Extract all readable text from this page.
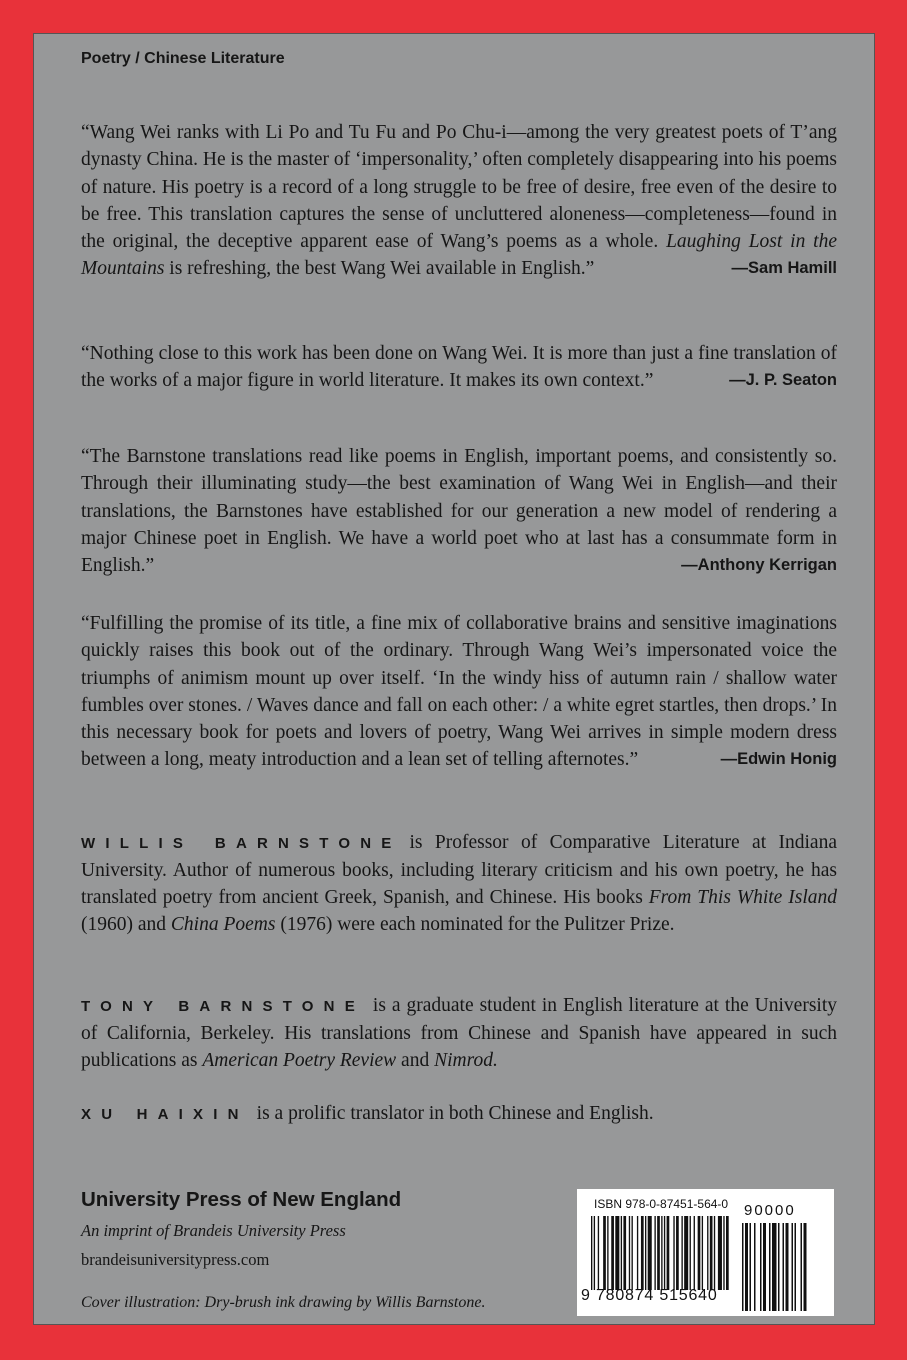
Poetry / Chinese Literature

“Wang Wei ranks with Li Po and Tu Fu and Po Chu-i—among the very greatest poets of T’ang dynasty China. He is the master of ‘impersonality,’ often completely disappearing into his poems of nature. His poetry is a record of a long struggle to be free of desire, free even of the desire to be free. This translation captures the sense of uncluttered aloneness—completeness—found in the original, the deceptive apparent ease of Wang’s poems as a whole. Laughing Lost in the Mountains is refreshing, the best Wang Wei available in English.”	—Sam Hamill

“Nothing close to this work has been done on Wang Wei. It is more than just a fine translation of the works of a major figure in world literature. It makes its own context.”	—J. P. Seaton

“The Barnstone translations read like poems in English, important poems, and consistently so. Through their illuminating study—the best examination of Wang Wei in English—and their translations, the Barnstones have established for our generation a new model of rendering a major Chinese poet in English. We have a world poet who at last has a consummate form in English.”	—Anthony Kerrigan

“Fulfilling the promise of its title, a fine mix of collaborative brains and sensitive imaginations quickly raises this book out of the ordinary. Through Wang Wei’s impersonated voice the triumphs of animism mount up over itself. ‘In the windy hiss of autumn rain / shallow water fumbles over stones. / Waves dance and fall on each other: / a white egret startles, then drops.’ In this necessary book for poets and lovers of poetry, Wang Wei arrives in simple modern dress between a long, meaty introduction and a lean set of telling afternotes.”	—Edwin Honig

WILLIS BARNSTONE is Professor of Comparative Literature at Indiana University. Author of numerous books, including literary criticism and his own poetry, he has translated poetry from ancient Greek, Spanish, and Chinese. His books From This White Island (1960) and China Poems (1976) were each nominated for the Pulitzer Prize.

TONY BARNSTONE is a graduate student in English literature at the University of California, Berkeley. His translations from Chinese and Spanish have appeared in such publications as American Poetry Review and Nimrod.

XU HAIXIN is a prolific translator in both Chinese and English.

University Press of New England
An imprint of Brandeis University Press
brandeisuniversitypress.com
Cover illustration: Dry-brush ink drawing by Willis Barnstone.
ISBN 978-0-87451-564-0 90000
9 780874 515640
